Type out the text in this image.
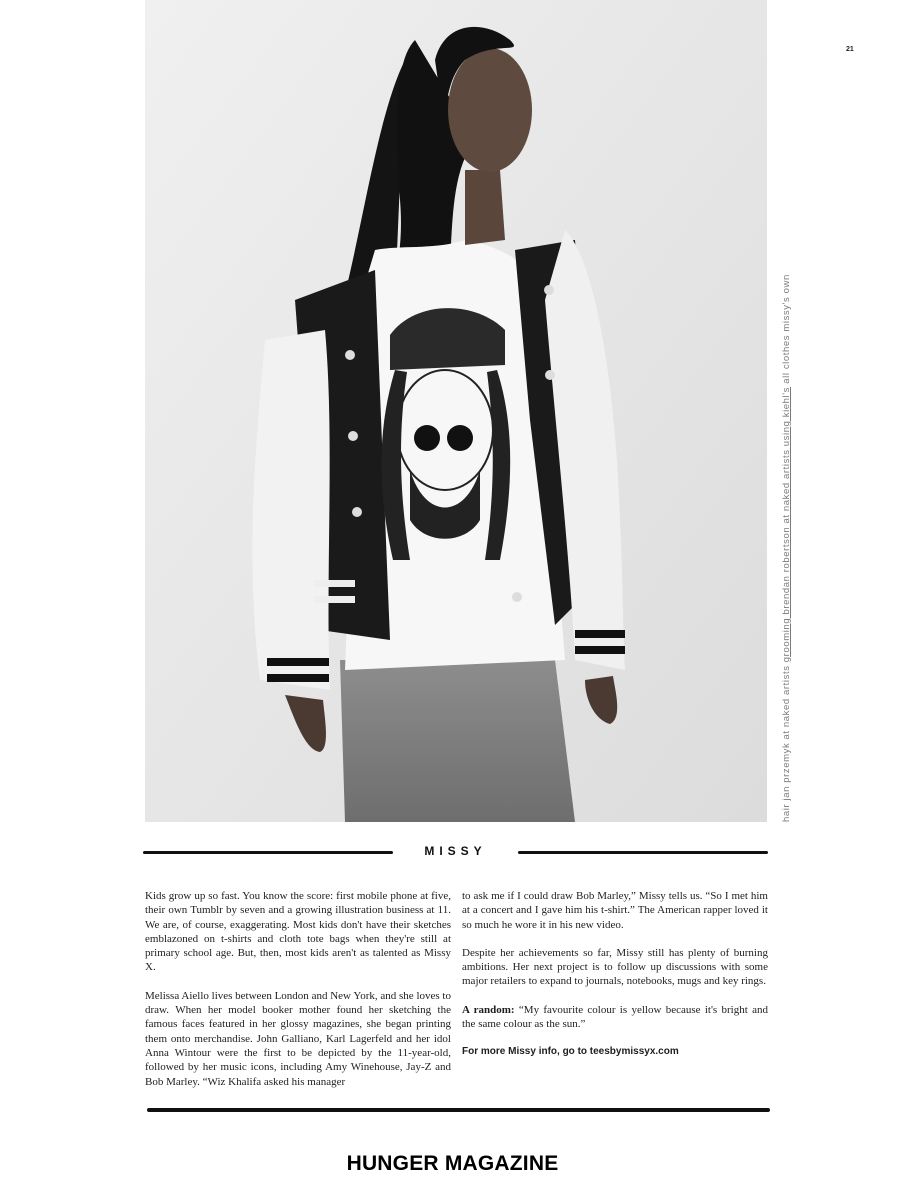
21
hair jan przemyk at naked artists grooming brendan robertson at naked artists using kiehl's all clothes missy's own
MISSY

Kids grow up so fast. You know the score: first mobile phone at five, their own Tumblr by seven and a growing illustration business at 11. We are, of course, exaggerating. Most kids don't have their sketches emblazoned on t-shirts and cloth tote bags when they're still at primary school age. But, then, most kids aren't as talented as Missy X.

Melissa Aiello lives between London and New York, and she loves to draw. When her model booker mother found her sketching the famous faces featured in her glossy magazines, she began printing them onto merchandise. John Galliano, Karl Lagerfeld and her idol Anna Wintour were the first to be depicted by the 11-year-old, followed by her music icons, including Amy Winehouse, Jay-Z and Bob Marley. “Wiz Khalifa asked his manager

to ask me if I could draw Bob Marley,” Missy tells us. “So I met him at a concert and I gave him his t-shirt.” The American rapper loved it so much he wore it in his new video.

Despite her achievements so far, Missy still has plenty of burning ambitions. Her next project is to follow up discussions with some major retailers to expand to journals, notebooks, mugs and key rings.

A random: “My favourite colour is yellow because it's bright and the same colour as the sun.”

For more Missy info, go to teesbymissyx.com

HUNGER MAGAZINE
